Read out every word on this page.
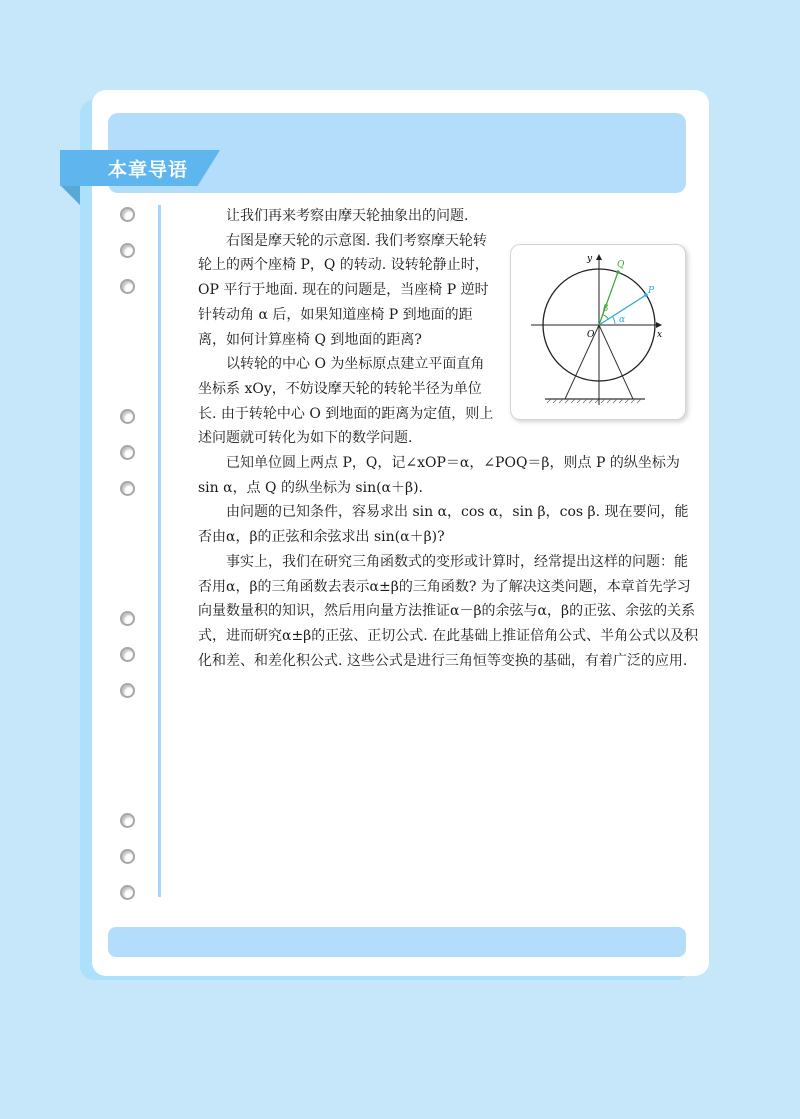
本章导语

让我们再来考察由摩天轮抽象出的问题.

右图是摩天轮的示意图. 我们考察摩天轮转轮上的两个座椅 P，Q 的转动. 设转轮静止时，OP 平行于地面. 现在的问题是，当座椅 P 逆时针转动角 α 后，如果知道座椅 P 到地面的距离，如何计算座椅 Q 到地面的距离?

以转轮的中心 O 为坐标原点建立平面直角坐标系 xOy，不妨设摩天轮的转轮半径为单位长. 由于转轮中心 O 到地面的距离为定值，则上述问题就可转化为如下的数学问题.

已知单位圆上两点 P，Q，记∠xOP＝α，∠POQ＝β，则点 P 的纵坐标为 sin α，点 Q 的纵坐标为 sin(α＋β).

由问题的已知条件，容易求出 sin α，cos α，sin β，cos β. 现在要问，能否由α，β的正弦和余弦求出 sin(α＋β)?

事实上，我们在研究三角函数式的变形或计算时，经常提出这样的问题：能否用α，β的三角函数去表示α±β的三角函数? 为了解决这类问题，本章首先学习向量数量积的知识，然后用向量方法推证α－β的余弦与α，β的正弦、余弦的关系式，进而研究α±β的正弦、正切公式. 在此基础上推证倍角公式、半角公式以及积化和差、和差化积公式. 这些公式是进行三角恒等变换的基础，有着广泛的应用.

y
x
O
P
Q
α
β
